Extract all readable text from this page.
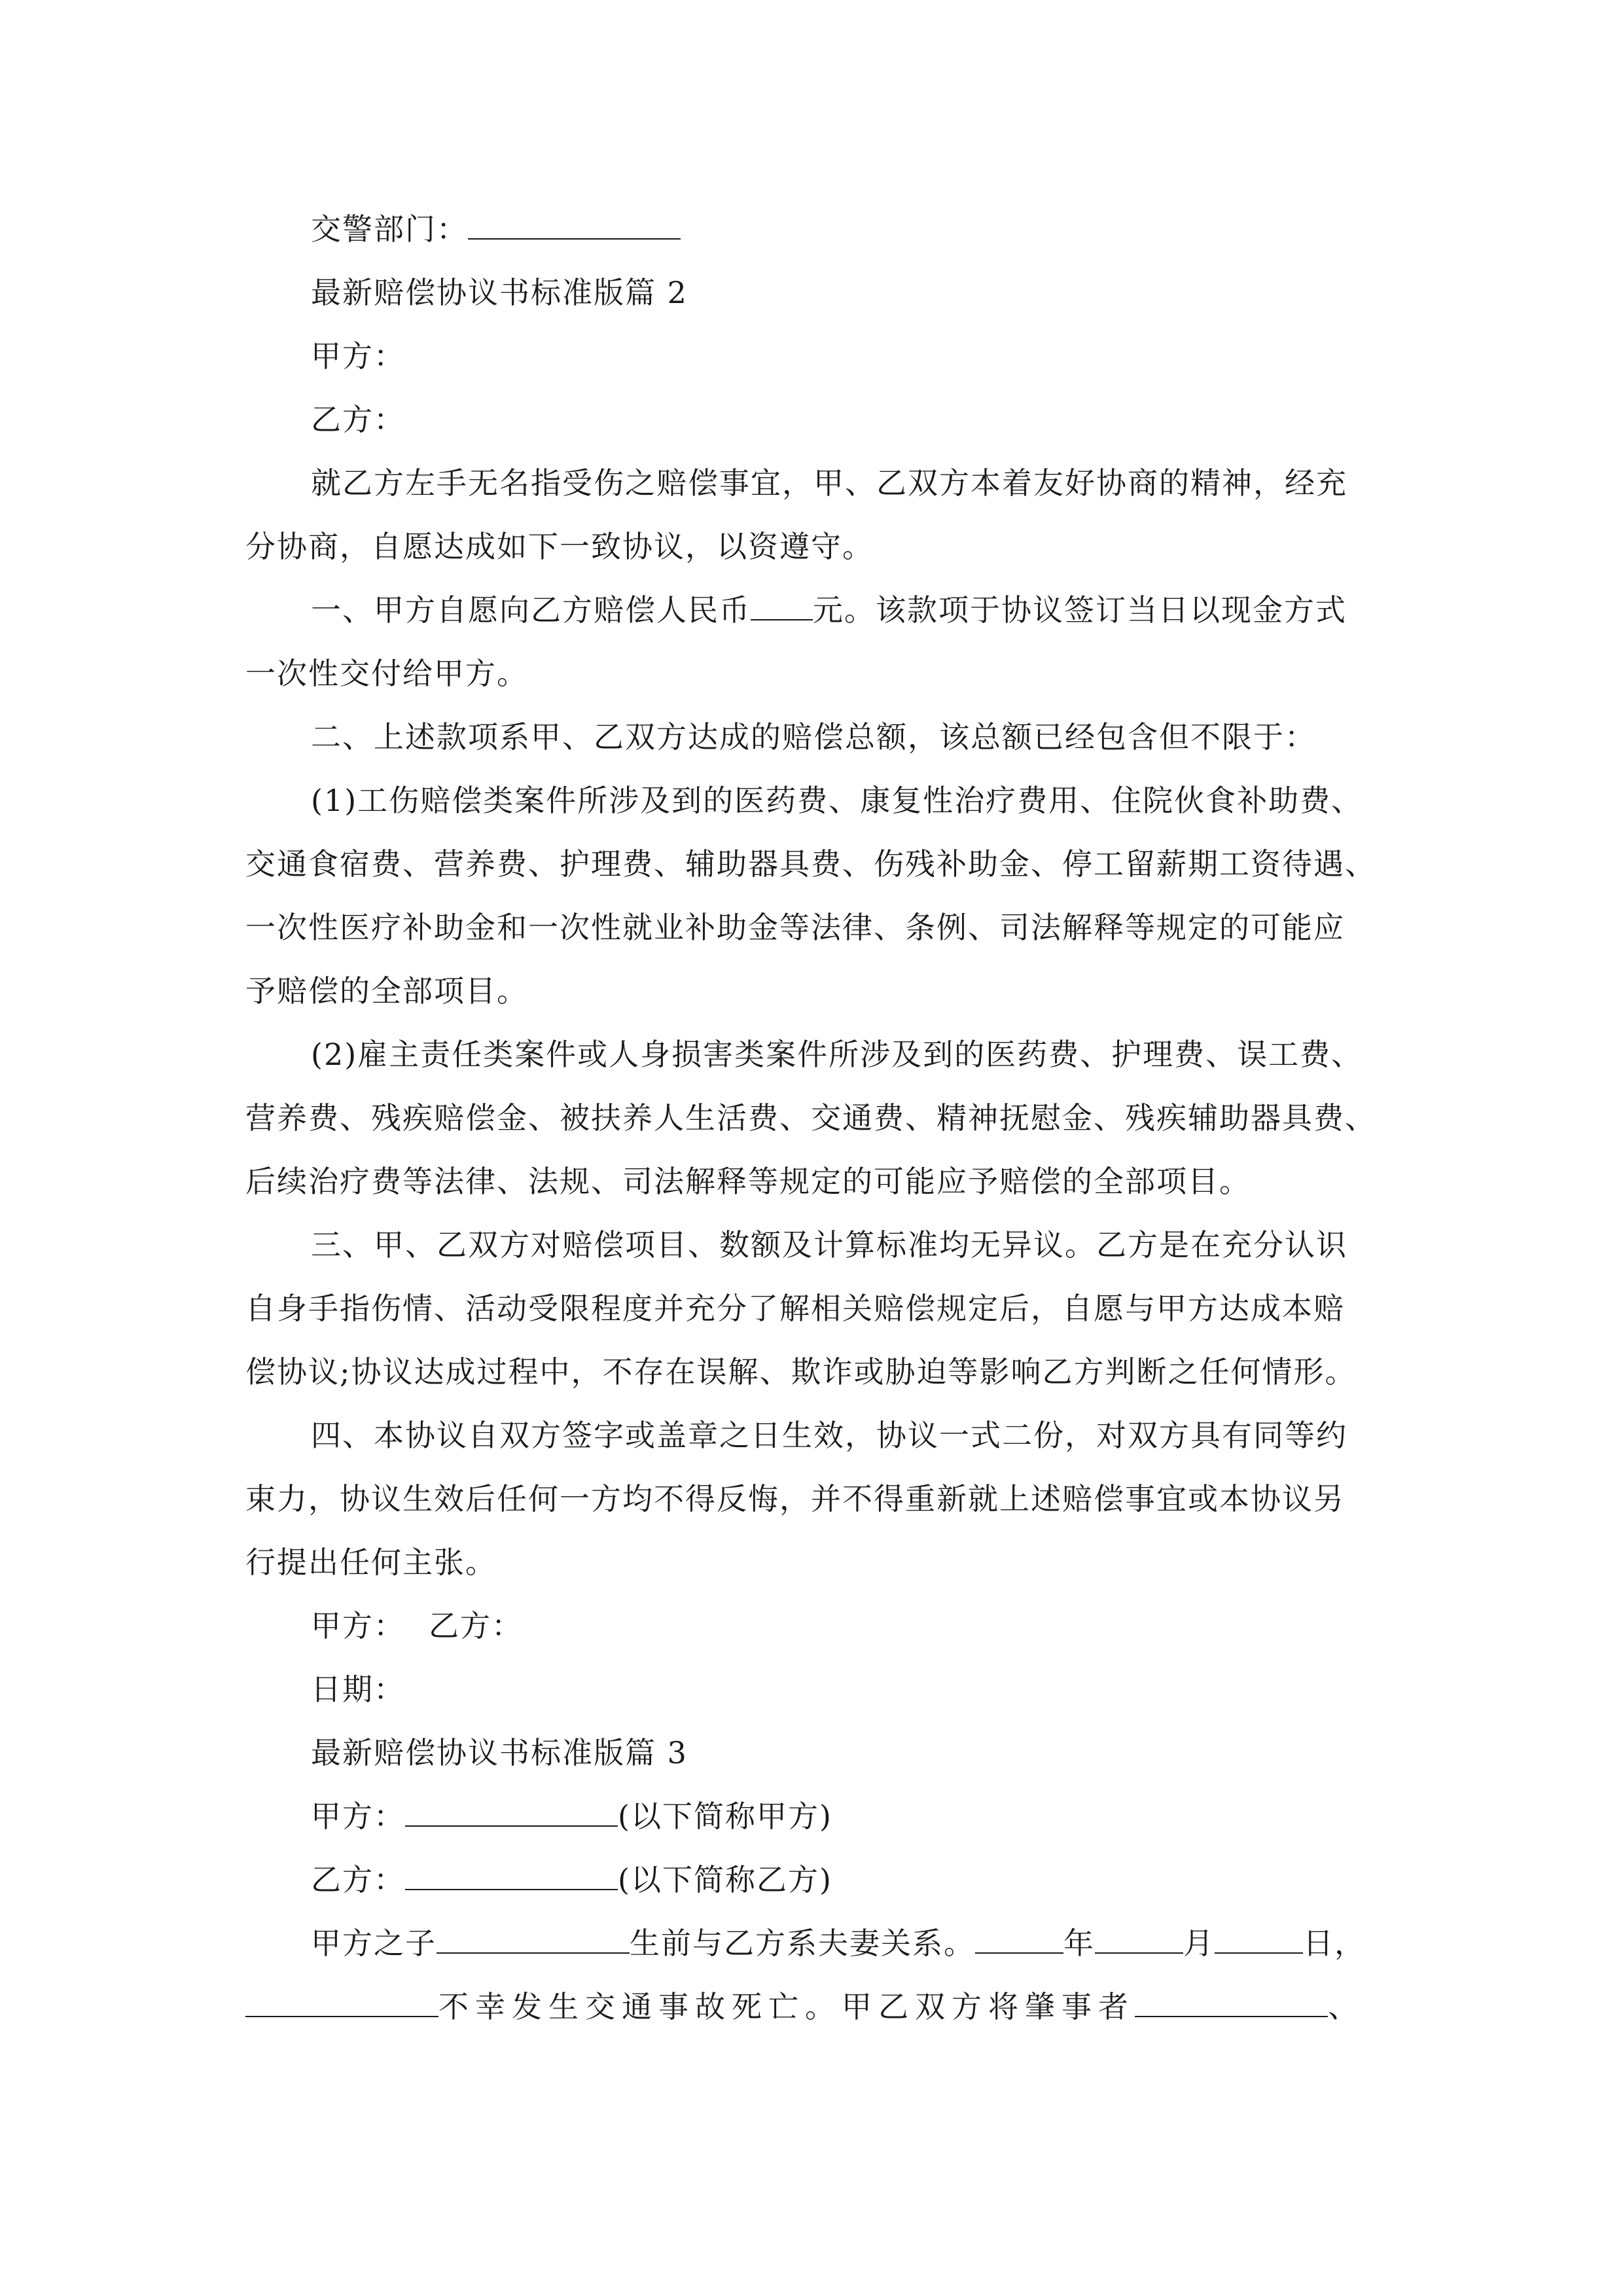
交警部门：
最新赔偿协议书标准版篇 2
甲方：
乙方：
就乙方左手无名指受伤之赔偿事宜，甲、乙双方本着友好协商的精神，经充
分协商，自愿达成如下一致协议，以资遵守。
一、甲方自愿向乙方赔偿人民币 元。该款项于协议签订当日以现金方式
一次性交付给甲方。
二、上述款项系甲、乙双方达成的赔偿总额，该总额已经包含但不限于：
(1)工伤赔偿类案件所涉及到的医药费、康复性治疗费用、住院伙食补助费、
交通食宿费、营养费、护理费、辅助器具费、伤残补助金、停工留薪期工资待遇、
一次性医疗补助金和一次性就业补助金等法律、条例、司法解释等规定的可能应
予赔偿的全部项目。
(2)雇主责任类案件或人身损害类案件所涉及到的医药费、护理费、误工费、
营养费、残疾赔偿金、被扶养人生活费、交通费、精神抚慰金、残疾辅助器具费、
后续治疗费等法律、法规、司法解释等规定的可能应予赔偿的全部项目。
三、甲、乙双方对赔偿项目、数额及计算标准均无异议。乙方是在充分认识
自身手指伤情、活动受限程度并充分了解相关赔偿规定后，自愿与甲方达成本赔
偿协议;协议达成过程中，不存在误解、欺诈或胁迫等影响乙方判断之任何情形。
四、本协议自双方签字或盖章之日生效，协议一式二份，对双方具有同等约
束力，协议生效后任何一方均不得反悔，并不得重新就上述赔偿事宜或本协议另
行提出任何主张。
甲方： 乙方：
日期：
最新赔偿协议书标准版篇 3
甲方：	(以下简称甲方)
乙方：	(以下简称乙方)
甲方之子	生前与乙方系夫妻关系。	年	月	日，
不幸发生交通事故死亡。甲乙双方将肇事者	、
